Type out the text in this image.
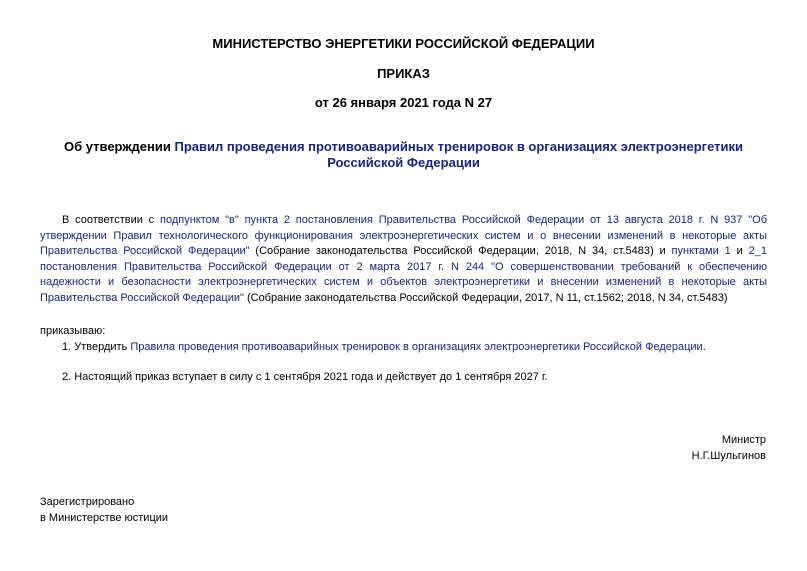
МИНИСТЕРСТВО ЭНЕРГЕТИКИ РОССИЙСКОЙ ФЕДЕРАЦИИ
ПРИКАЗ
от 26 января 2021 года N 27
Об утверждении Правил проведения противоаварийных тренировок в организациях электроэнергетики Российской Федерации
В соответствии с подпунктом "в" пункта 2 постановления Правительства Российской Федерации от 13 августа 2018 г. N 937 "Об утверждении Правил технологического функционирования электроэнергетических систем и о внесении изменений в некоторые акты Правительства Российской Федерации" (Собрание законодательства Российской Федерации, 2018, N 34, ст.5483) и пунктами 1 и 2_1 постановления Правительства Российской Федерации от 2 марта 2017 г. N 244 "О совершенствовании требований к обеспечению надежности и безопасности электроэнергетических систем и объектов электроэнергетики и внесении изменений в некоторые акты Правительства Российской Федерации" (Собрание законодательства Российской Федерации, 2017, N 11, ст.1562; 2018, N 34, ст.5483)
приказываю:
1. Утвердить Правила проведения противоаварийных тренировок в организациях электроэнергетики Российской Федерации.
2. Настоящий приказ вступает в силу с 1 сентября 2021 года и действует до 1 сентября 2027 г.
Министр
Н.Г.Шульгинов
Зарегистрировано
в Министерстве юстиции
